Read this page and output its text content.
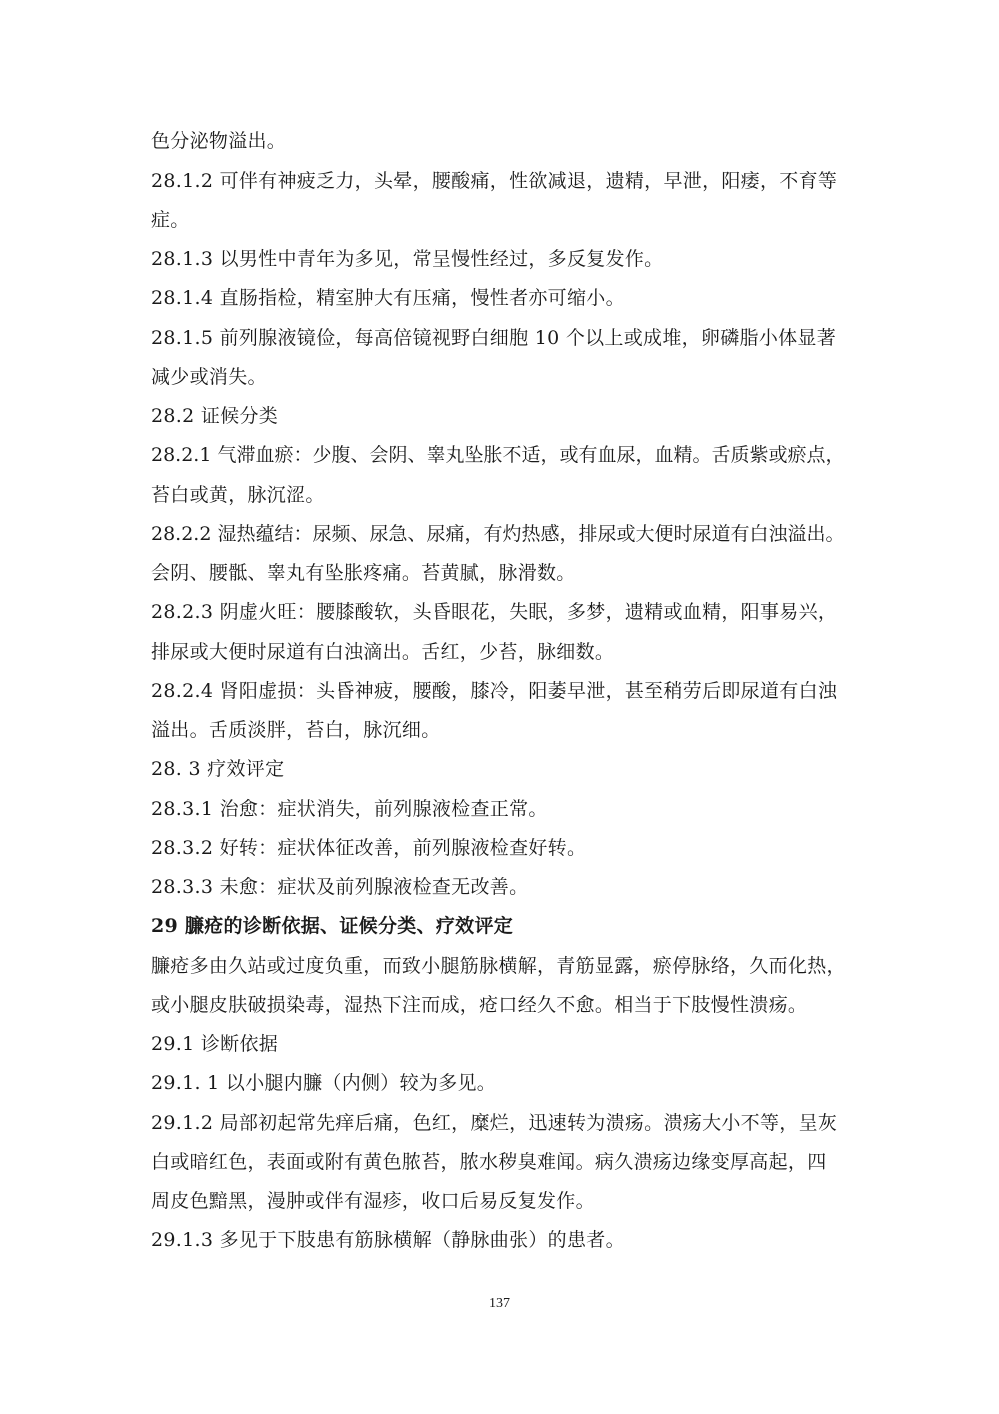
色分泌物溢出。
28.1.2 可伴有神疲乏力，头晕，腰酸痛，性欲减退，遗精，早泄，阳痿，不育等
症。
28.1.3 以男性中青年为多见，常呈慢性经过，多反复发作。
28.1.4 直肠指检，精室肿大有压痛，慢性者亦可缩小。
28.1.5 前列腺液镜俭，每高倍镜视野白细胞 10 个以上或成堆，卵磷脂小体显著
减少或消失。
28.2 证候分类
28.2.1 气滞血瘀：少腹、会阴、睾丸坠胀不适，或有血尿，血精。舌质紫或瘀点，
苔白或黄，脉沉涩。
28.2.2 湿热蕴结：尿频、尿急、尿痛，有灼热感，排尿或大便时尿道有白浊溢出。
会阴、腰骶、睾丸有坠胀疼痛。苔黄腻，脉滑数。
28.2.3 阴虚火旺：腰膝酸软，头昏眼花，失眠，多梦，遗精或血精，阳事易兴，
排尿或大便时尿道有白浊滴出。舌红，少苔，脉细数。
28.2.4 肾阳虚损：头昏神疲，腰酸，膝冷，阳萎早泄，甚至稍劳后即尿道有白浊
溢出。舌质淡胖，苔白，脉沉细。
28. 3 疗效评定
28.3.1 治愈：症状消失，前列腺液检查正常。
28.3.2 好转：症状体征改善，前列腺液检查好转。
28.3.3 未愈：症状及前列腺液检查无改善。
29 臁疮的诊断依据、证候分类、疗效评定
臁疮多由久站或过度负重，而致小腿筋脉横解，青筋显露，瘀停脉络，久而化热，
或小腿皮肤破损染毒，湿热下注而成，疮口经久不愈。相当于下肢慢性溃疡。
29.1 诊断依据
29.1. 1 以小腿内臁（内侧）较为多见。
29.1.2 局部初起常先痒后痛，色红，糜烂，迅速转为溃疡。溃疡大小不等，呈灰
白或暗红色，表面或附有黄色脓苔，脓水秽臭难闻。病久溃疡边缘变厚高起，四
周皮色黯黑，漫肿或伴有湿疹，收口后易反复发作。
29.1.3 多见于下肢患有筋脉横解（静脉曲张）的患者。
137
